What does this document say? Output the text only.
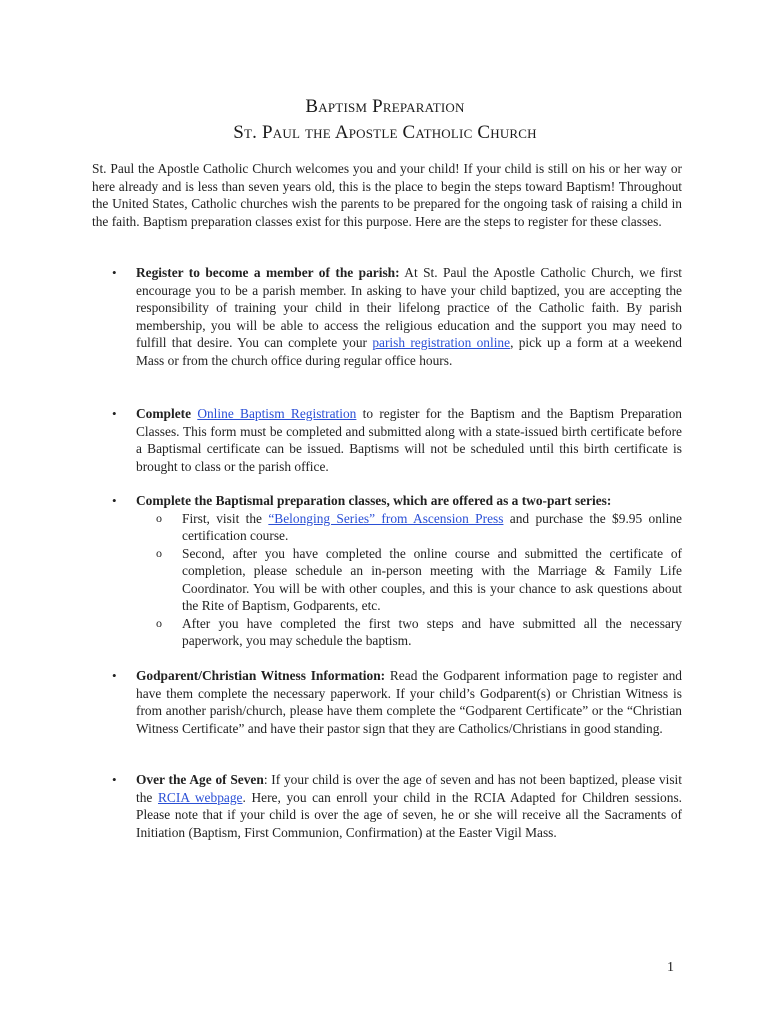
Baptism Preparation
St. Paul the Apostle Catholic Church

St. Paul the Apostle Catholic Church welcomes you and your child! If your child is still on his or her way or here already and is less than seven years old, this is the place to begin the steps toward Baptism! Throughout the United States, Catholic churches wish the parents to be prepared for the ongoing task of raising a child in the faith. Baptism preparation classes exist for this purpose. Here are the steps to register for these classes.

• Register to become a member of the parish: At St. Paul the Apostle Catholic Church, we first encourage you to be a parish member. In asking to have your child baptized, you are accepting the responsibility of training your child in their lifelong practice of the Catholic faith. By parish membership, you will be able to access the religious education and the support you may need to fulfill that desire. You can complete your parish registration online, pick up a form at a weekend Mass or from the church office during regular office hours.
• Complete Online Baptism Registration to register for the Baptism and the Baptism Preparation Classes. This form must be completed and submitted along with a state-issued birth certificate before a Baptismal certificate can be issued. Baptisms will not be scheduled until this birth certificate is brought to class or the parish office.
• Complete the Baptismal preparation classes, which are offered as a two-part series:
o First, visit the “Belonging Series” from Ascension Press and purchase the $9.95 online certification course.
o Second, after you have completed the online course and submitted the certificate of completion, please schedule an in-person meeting with the Marriage & Family Life Coordinator. You will be with other couples, and this is your chance to ask questions about the Rite of Baptism, Godparents, etc.
o After you have completed the first two steps and have submitted all the necessary paperwork, you may schedule the baptism.
• Godparent/Christian Witness Information: Read the Godparent information page to register and have them complete the necessary paperwork. If your child’s Godparent(s) or Christian Witness is from another parish/church, please have them complete the “Godparent Certificate” or the “Christian Witness Certificate” and have their pastor sign that they are Catholics/Christians in good standing.
• Over the Age of Seven: If your child is over the age of seven and has not been baptized, please visit the RCIA webpage. Here, you can enroll your child in the RCIA Adapted for Children sessions. Please note that if your child is over the age of seven, he or she will receive all the Sacraments of Initiation (Baptism, First Communion, Confirmation) at the Easter Vigil Mass.
1
